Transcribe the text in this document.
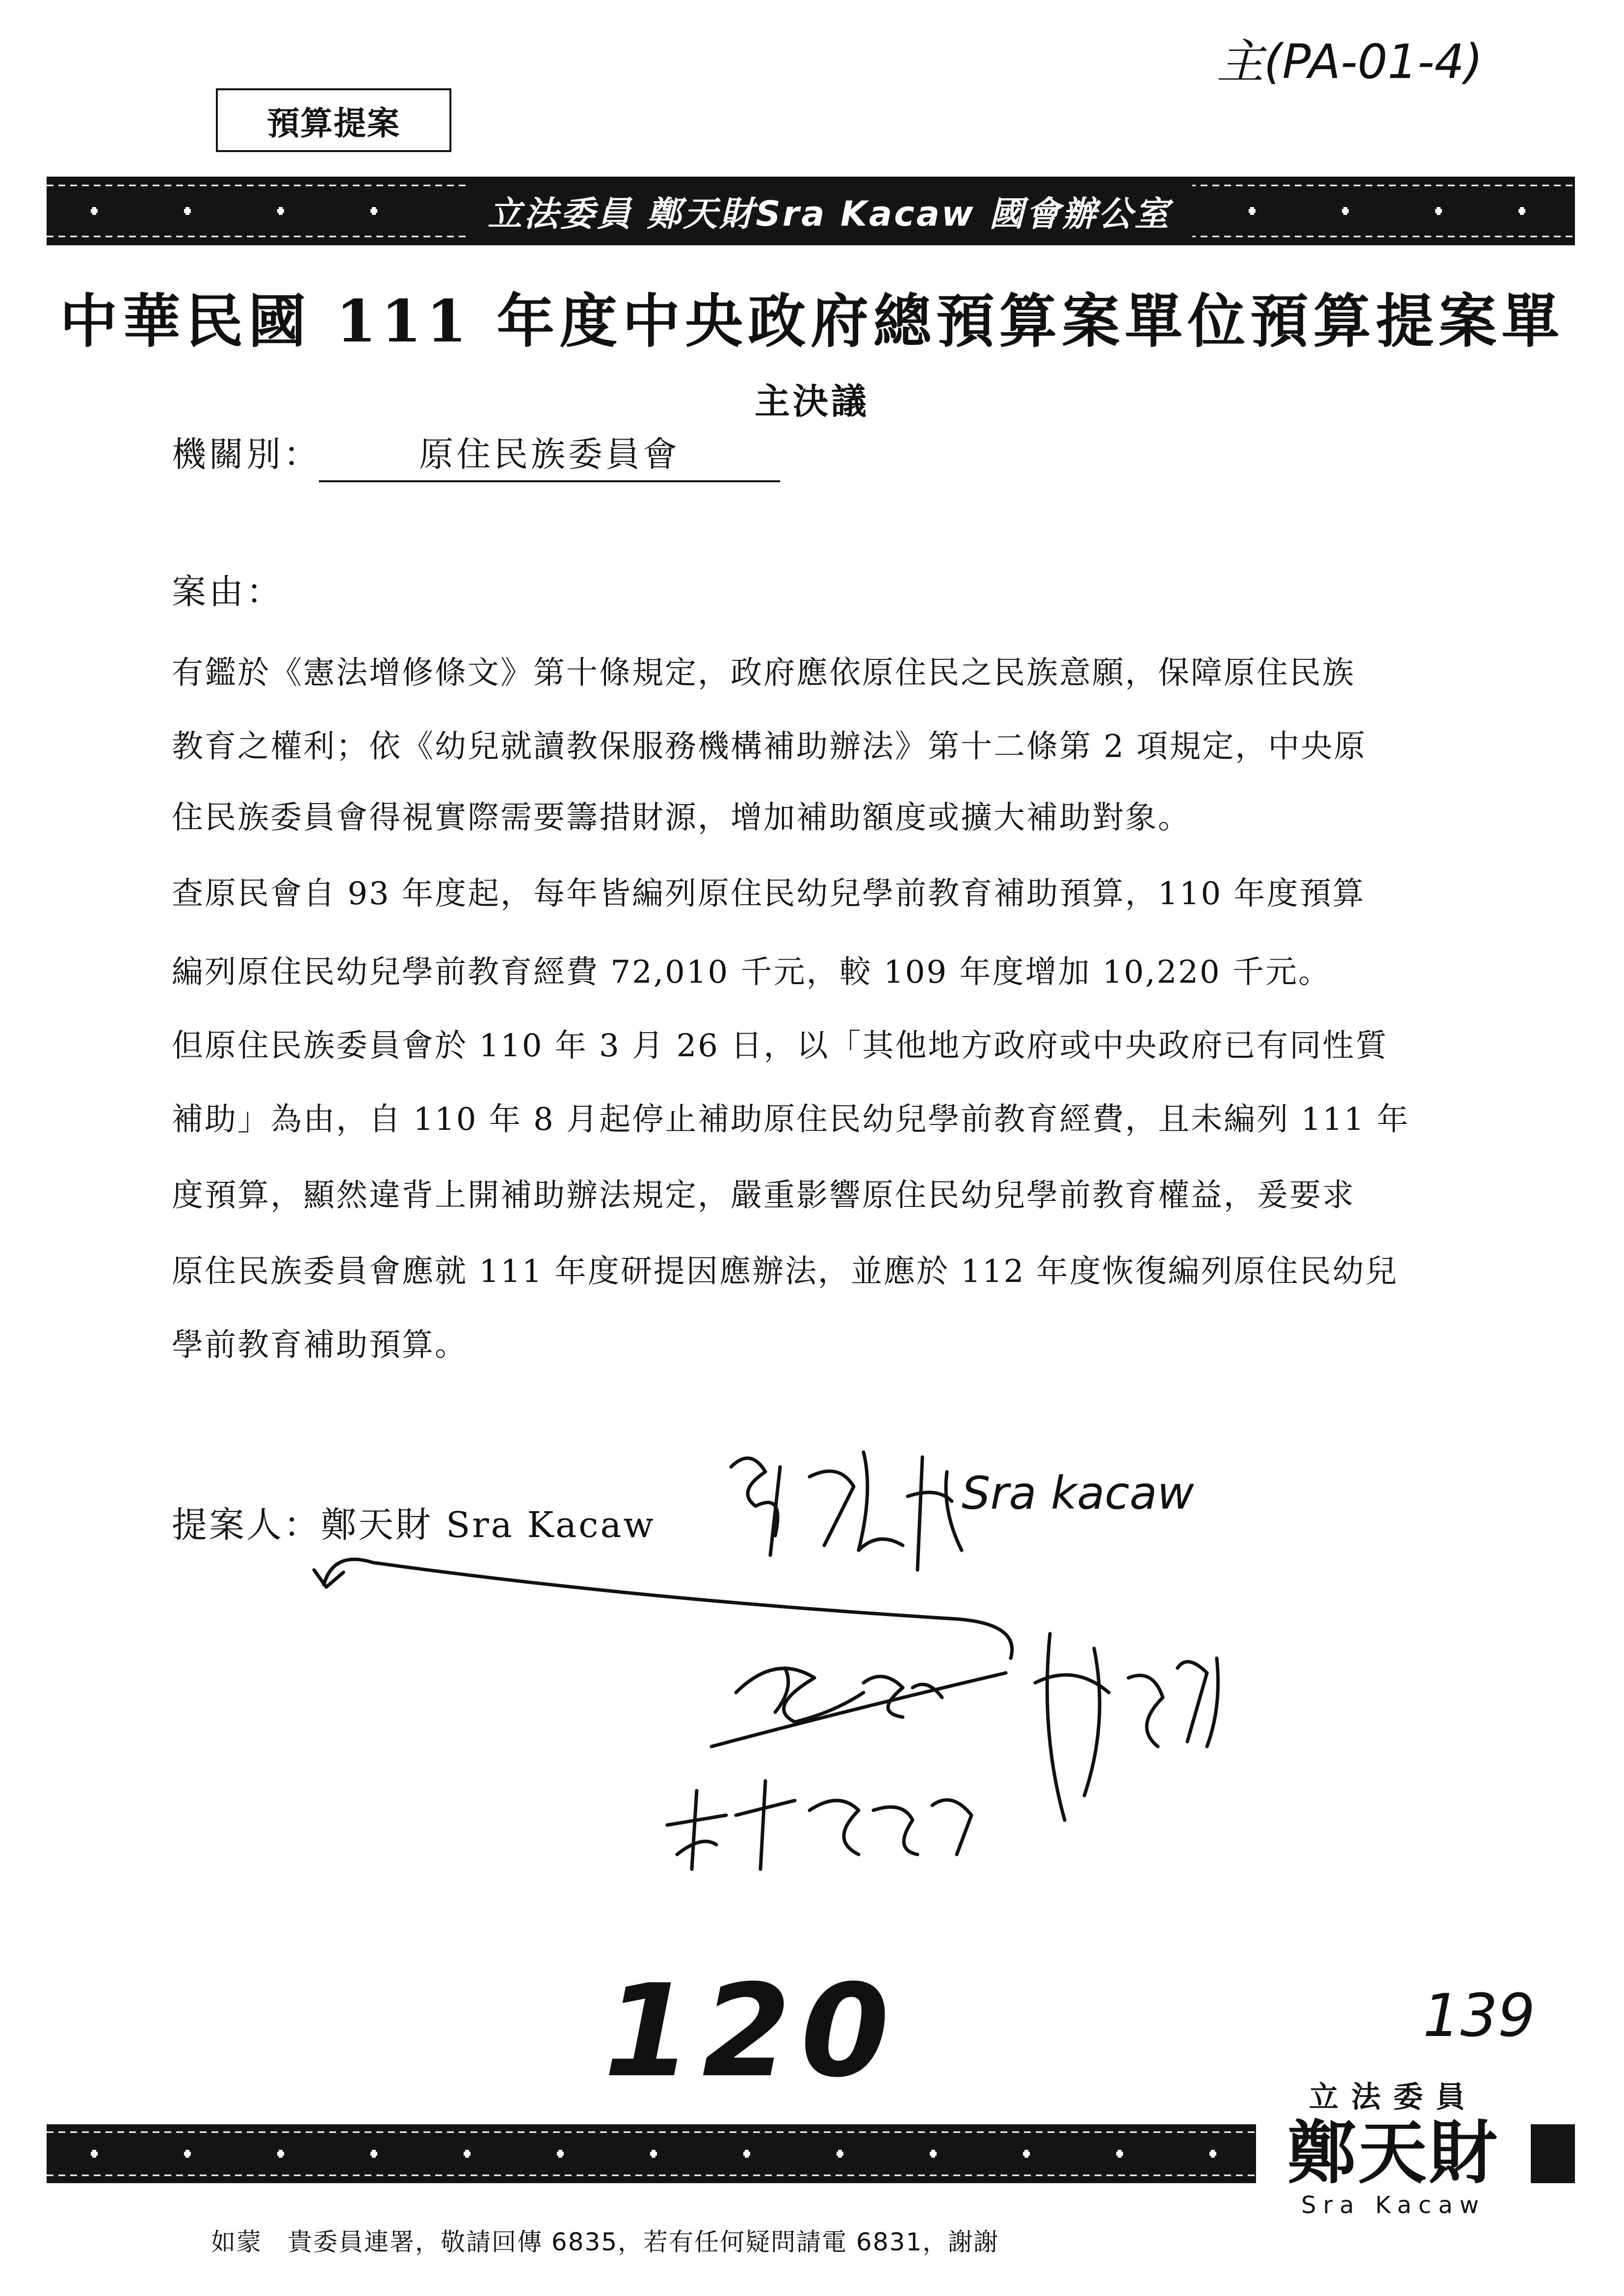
預算提案
主(PA-01-4)
立法委員 鄭天財Sra Kacaw 國會辦公室
中華民國 111 年度中央政府總預算案單位預算提案單
主決議
機關別：	原住民族委員會
案由：
有鑑於《憲法增修條文》第十條規定，政府應依原住民之民族意願，保障原住民族
教育之權利；依《幼兒就讀教保服務機構補助辦法》第十二條第 2 項規定，中央原
住民族委員會得視實際需要籌措財源，增加補助額度或擴大補助對象。
查原民會自 93 年度起，每年皆編列原住民幼兒學前教育補助預算，110 年度預算
編列原住民幼兒學前教育經費 72,010 千元，較 109 年度增加 10,220 千元。
但原住民族委員會於 110 年 3 月 26 日，以「其他地方政府或中央政府已有同性質
補助」為由，自 110 年 8 月起停止補助原住民幼兒學前教育經費，且未編列 111 年
度預算，顯然違背上開補助辦法規定，嚴重影響原住民幼兒學前教育權益，爰要求
原住民族委員會應就 111 年度研提因應辦法，並應於 112 年度恢復編列原住民幼兒
學前教育補助預算。
提案人：鄭天財 Sra Kacaw
Sra kacaw
120	139
立法委員
鄭天財
Sra Kacaw
如蒙　貴委員連署，敬請回傳 6835，若有任何疑問請電 6831，謝謝
